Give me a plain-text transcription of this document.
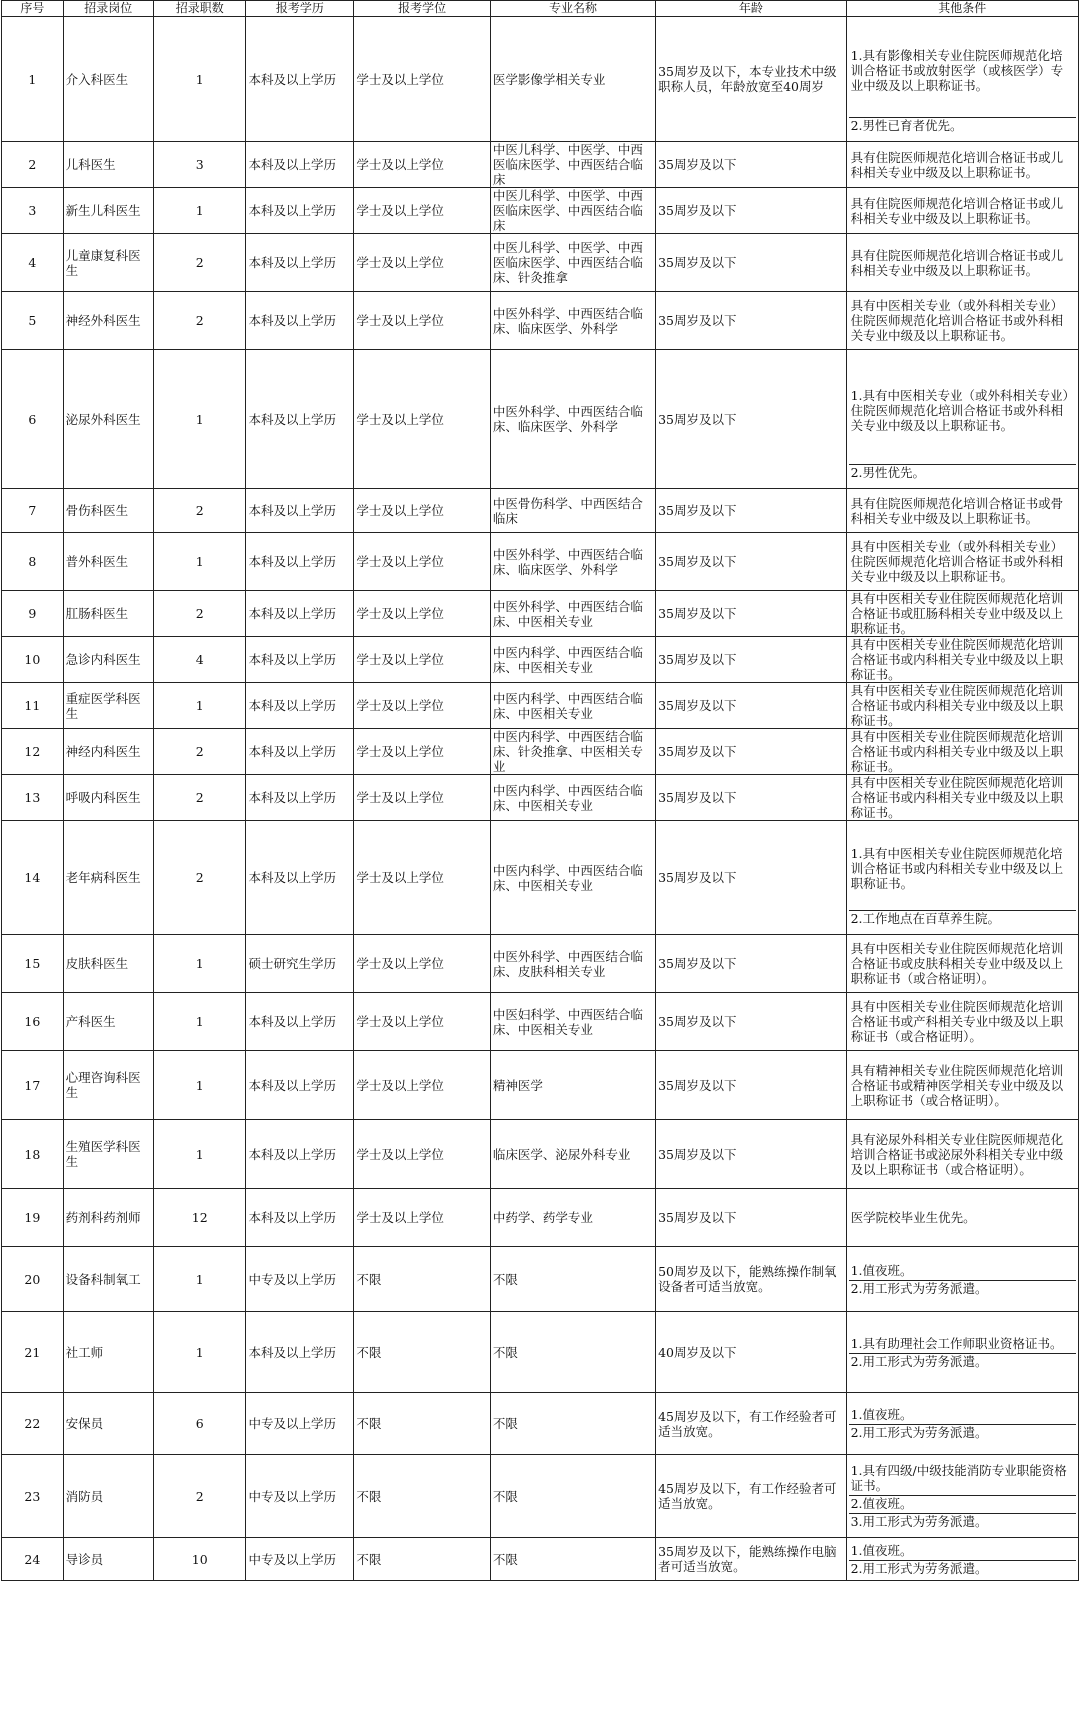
序号	招录岗位	招录职数	报考学历	报考学位	专业名称	年龄	其他条件
1	介入科医生	1	本科及以上学历	学士及以上学位	医学影像学相关专业	35周岁及以下，本专业技术中级职称人员，年龄放宽至40周岁	1.具有影像相关专业住院医师规范化培训合格证书或放射医学（或核医学）专业中级及以上职称证书。
2.男性已育者优先。

2	儿科医生	3	本科及以上学历	学士及以上学位	中医儿科学、中医学、中西医临床医学、中西医结合临床	35周岁及以下	具有住院医师规范化培训合格证书或儿科相关专业中级及以上职称证书。

3	新生儿科医生	1	本科及以上学历	学士及以上学位	中医儿科学、中医学、中西医临床医学、中西医结合临床	35周岁及以下	具有住院医师规范化培训合格证书或儿科相关专业中级及以上职称证书。

4	儿童康复科医生	2	本科及以上学历	学士及以上学位	中医儿科学、中医学、中西医临床医学、中西医结合临床、针灸推拿	35周岁及以下	具有住院医师规范化培训合格证书或儿科相关专业中级及以上职称证书。

5	神经外科医生	2	本科及以上学历	学士及以上学位	中医外科学、中西医结合临床、临床医学、外科学	35周岁及以下	具有中医相关专业（或外科相关专业）住院医师规范化培训合格证书或外科相关专业中级及以上职称证书。

6	泌尿外科医生	1	本科及以上学历	学士及以上学位	中医外科学、中西医结合临床、临床医学、外科学	35周岁及以下	1.具有中医相关专业（或外科相关专业）住院医师规范化培训合格证书或外科相关专业中级及以上职称证书。
2.男性优先。

7	骨伤科医生	2	本科及以上学历	学士及以上学位	中医骨伤科学、中西医结合临床	35周岁及以下	具有住院医师规范化培训合格证书或骨科相关专业中级及以上职称证书。

8	普外科医生	1	本科及以上学历	学士及以上学位	中医外科学、中西医结合临床、临床医学、外科学	35周岁及以下	具有中医相关专业（或外科相关专业）住院医师规范化培训合格证书或外科相关专业中级及以上职称证书。

9	肛肠科医生	2	本科及以上学历	学士及以上学位	中医外科学、中西医结合临床、中医相关专业	35周岁及以下	具有中医相关专业住院医师规范化培训合格证书或肛肠科相关专业中级及以上职称证书。

10	急诊内科医生	4	本科及以上学历	学士及以上学位	中医内科学、中西医结合临床、中医相关专业	35周岁及以下	具有中医相关专业住院医师规范化培训合格证书或内科相关专业中级及以上职称证书。

11	重症医学科医生	1	本科及以上学历	学士及以上学位	中医内科学、中西医结合临床、中医相关专业	35周岁及以下	具有中医相关专业住院医师规范化培训合格证书或内科相关专业中级及以上职称证书。

12	神经内科医生	2	本科及以上学历	学士及以上学位	中医内科学、中西医结合临床、针灸推拿、中医相关专业	35周岁及以下	具有中医相关专业住院医师规范化培训合格证书或内科相关专业中级及以上职称证书。

13	呼吸内科医生	2	本科及以上学历	学士及以上学位	中医内科学、中西医结合临床、中医相关专业	35周岁及以下	具有中医相关专业住院医师规范化培训合格证书或内科相关专业中级及以上职称证书。

14	老年病科医生	2	本科及以上学历	学士及以上学位	中医内科学、中西医结合临床、中医相关专业	35周岁及以下	1.具有中医相关专业住院医师规范化培训合格证书或内科相关专业中级及以上职称证书。
2.工作地点在百草养生院。

15	皮肤科医生	1	硕士研究生学历	学士及以上学位	中医外科学、中西医结合临床、皮肤科相关专业	35周岁及以下	具有中医相关专业住院医师规范化培训合格证书或皮肤科相关专业中级及以上职称证书（或合格证明）。

16	产科医生	1	本科及以上学历	学士及以上学位	中医妇科学、中西医结合临床、中医相关专业	35周岁及以下	具有中医相关专业住院医师规范化培训合格证书或产科相关专业中级及以上职称证书（或合格证明）。

17	心理咨询科医生	1	本科及以上学历	学士及以上学位	精神医学	35周岁及以下	具有精神相关专业住院医师规范化培训合格证书或精神医学相关专业中级及以上职称证书（或合格证明）。

18	生殖医学科医生	1	本科及以上学历	学士及以上学位	临床医学、泌尿外科专业	35周岁及以下	具有泌尿外科相关专业住院医师规范化培训合格证书或泌尿外科相关专业中级及以上职称证书（或合格证明）。

19	药剂科药剂师	12	本科及以上学历	学士及以上学位	中药学、药学专业	35周岁及以下	医学院校毕业生优先。

20	设备科制氧工	1	中专及以上学历	不限	不限	50周岁及以下，能熟练操作制氧设备者可适当放宽。	1.值夜班。
2.用工形式为劳务派遣。

21	社工师	1	本科及以上学历	不限	不限	40周岁及以下	1.具有助理社会工作师职业资格证书。
2.用工形式为劳务派遣。

22	安保员	6	中专及以上学历	不限	不限	45周岁及以下，有工作经验者可适当放宽。	1.值夜班。
2.用工形式为劳务派遣。

23	消防员	2	中专及以上学历	不限	不限	45周岁及以下，有工作经验者可适当放宽。	1.具有四级/中级技能消防专业职能资格证书。
2.值夜班。
3.用工形式为劳务派遣。

24	导诊员	10	中专及以上学历	不限	不限	35周岁及以下，能熟练操作电脑者可适当放宽。	1.值夜班。
2.用工形式为劳务派遣。
